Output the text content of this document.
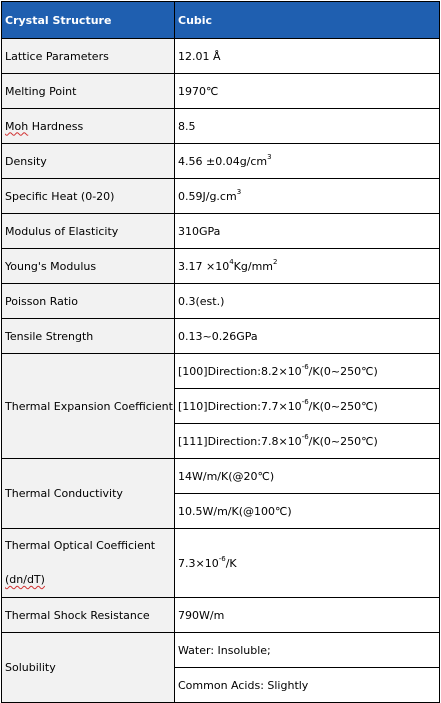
Crystal Structure	Cubic
Lattice Parameters	12.01 Å
Melting Point	1970℃
Moh Hardness	8.5
Density	$4.56 \pm 0.04g/cm^3$
Specific Heat (0-20)	$0.59J/g.cm^3$
Modulus of Elasticity	310GPa
Young's Modulus	$3.17 \times 10^4Kg/mm^2$
Poisson Ratio	0.3(est.)
Tensile Strength	0.13~0.26GPa
Thermal Expansion Coefficient	$[100]Direction:8.2\times 10^{-6}/K(0\sim 250℃)$
	$[110]Direction:7.7\times 10^{-6}/K(0\sim 250℃)$
	$[111]Direction:7.8\times 10^{-6}/K(0\sim 250℃)$
Thermal Conductivity	14W/m/K(@20℃)
	10.5W/m/K(@100℃)
Thermal Optical Coefficient
(dn/dT)	$7.3\times 10^{-6}/K$
Thermal Shock Resistance	790W/m
Solubility	Water: Insoluble;
	Common Acids: Slightly
